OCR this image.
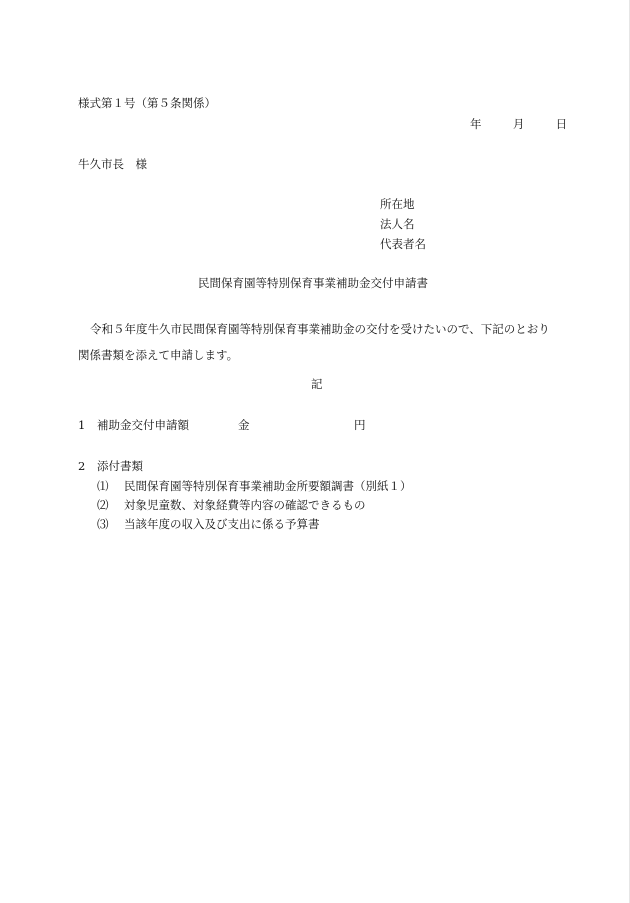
様式第１号（第５条関係）
年	月	日
牛久市長　様
所在地
法人名
代表者名
民間保育園等特別保育事業補助金交付申請書
令和５年度牛久市民間保育園等特別保育事業補助金の交付を受けたいので、下記のとおり関係書類を添えて申請します。
記
1 補助金交付申請額	金	円
2 添付書類
⑴ 民間保育園等特別保育事業補助金所要額調書（別紙１）
⑵ 対象児童数、対象経費等内容の確認できるもの
⑶ 当該年度の収入及び支出に係る予算書
